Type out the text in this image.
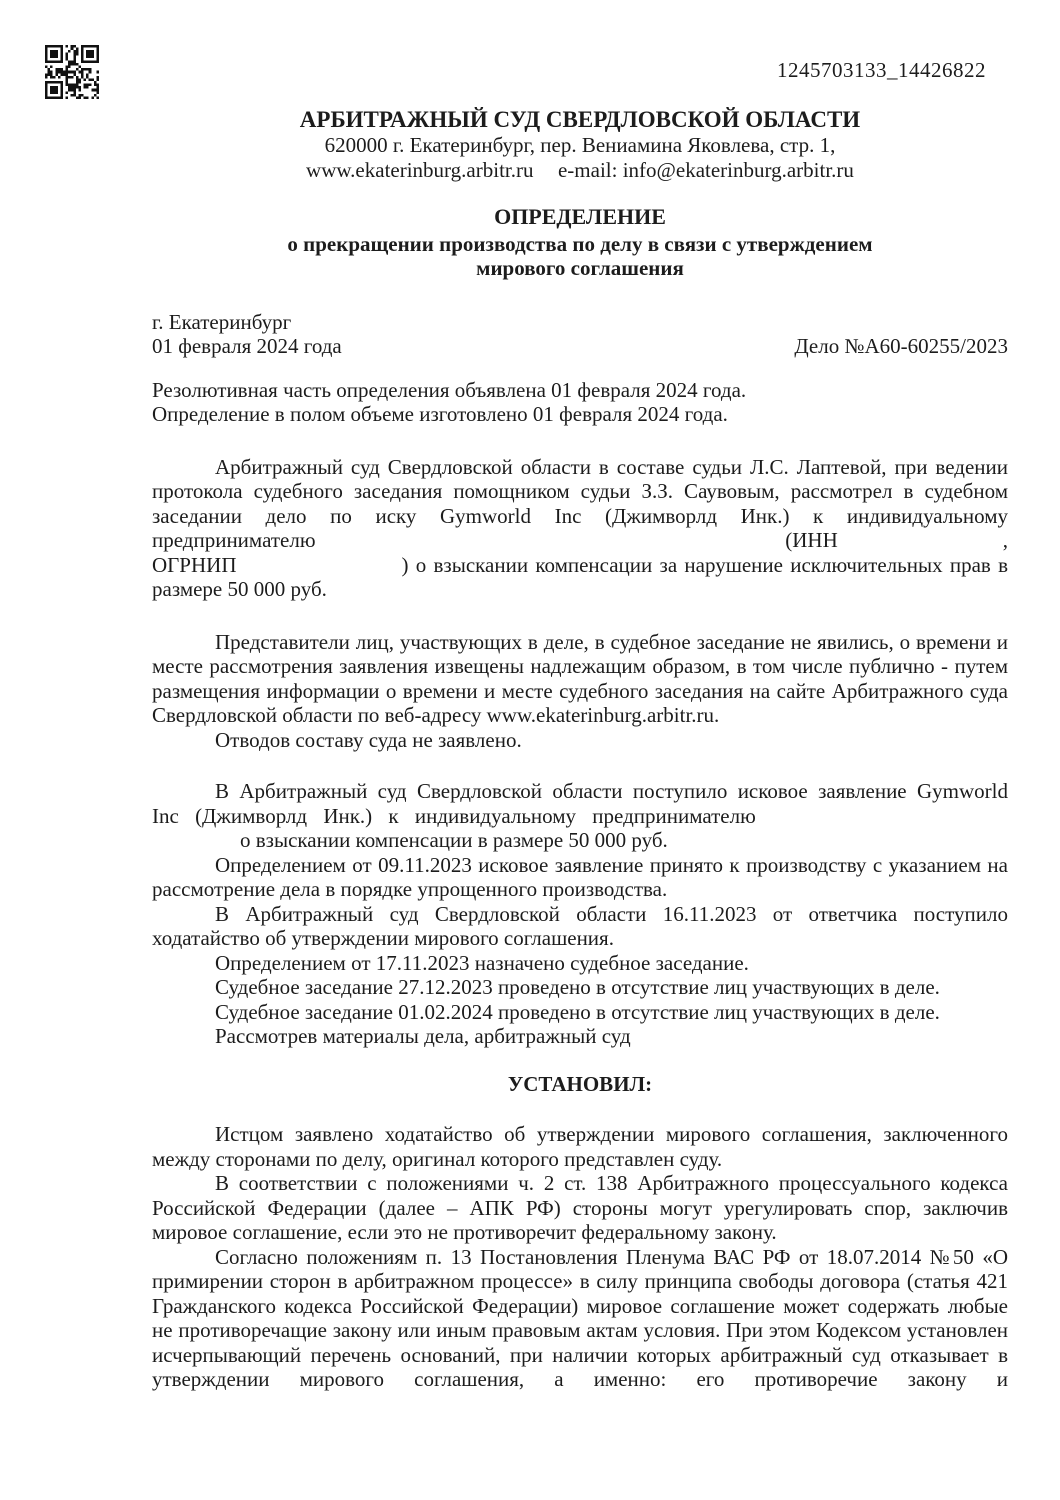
1245703133_14426822
АРБИТРАЖНЫЙ СУД СВЕРДЛОВСКОЙ ОБЛАСТИ
620000 г. Екатеринбург, пер. Вениамина Яковлева, стр. 1,
www.ekaterinburg.arbitr.ru e-mail: info@ekaterinburg.arbitr.ru
ОПРЕДЕЛЕНИЕ
о прекращении производства по делу в связи с утверждением
мирового соглашения
г. Екатеринбург
01 февраля 2024 года	Дело №А60-60255/2023
Резолютивная часть определения объявлена 01 февраля 2024 года.
Определение в полом объеме изготовлено 01 февраля 2024 года.
Арбитражный суд Свердловской области в составе судьи Л.С. Лаптевой, при ведении
протокола судебного заседания помощником судьи З.З. Саувовым, рассмотрел в судебном
заседании дело по иску Gymworld Inc (Джимворлд Инк.) к индивидуальному
предпринимателю	(ИНН	,
ОГРНИП	) о взыскании компенсации за нарушение исключительных прав в
размере 50 000 руб.

Представители лиц, участвующих в деле, в судебное заседание не явились, о времени и месте рассмотрения заявления извещены надлежащим образом, в том числе публично - путем размещения информации о времени и месте судебного заседания на сайте Арбитражного суда Свердловской области по веб-адресу www.ekaterinburg.arbitr.ru.

Отводов составу суда не заявлено.
В Арбитражный суд Свердловской области поступило исковое заявление Gymworld
Inc (Джимворлд Инк.) к индивидуальному предпринимателю
о взыскании компенсации в размере 50 000 руб.

Определением от 09.11.2023 исковое заявление принято к производству с указанием на рассмотрение дела в порядке упрощенного производства.

В Арбитражный суд Свердловской области 16.11.2023 от ответчика поступило ходатайство об утверждении мирового соглашения.

Определением от 17.11.2023 назначено судебное заседание.
Судебное заседание 27.12.2023 проведено в отсутствие лиц участвующих в деле.
Судебное заседание 01.02.2024 проведено в отсутствие лиц участвующих в деле.
Рассмотрев материалы дела, арбитражный суд
УСТАНОВИЛ:

Истцом заявлено ходатайство об утверждении мирового соглашения, заключенного между сторонами по делу, оригинал которого представлен суду.

В соответствии с положениями ч. 2 ст. 138 Арбитражного процессуального кодекса Российской Федерации (далее – АПК РФ) стороны могут урегулировать спор, заключив мировое соглашение, если это не противоречит федеральному закону.

Согласно положениям п. 13 Постановления Пленума ВАС РФ от 18.07.2014 №50 «О примирении сторон в арбитражном процессе» в силу принципа свободы договора (статья 421 Гражданского кодекса Российской Федерации) мировое соглашение может содержать любые не противоречащие закону или иным правовым актам условия. При этом Кодексом установлен исчерпывающий перечень оснований, при наличии которых арбитражный суд отказывает в утверждении мирового соглашения, а именно: его противоречие закону и
